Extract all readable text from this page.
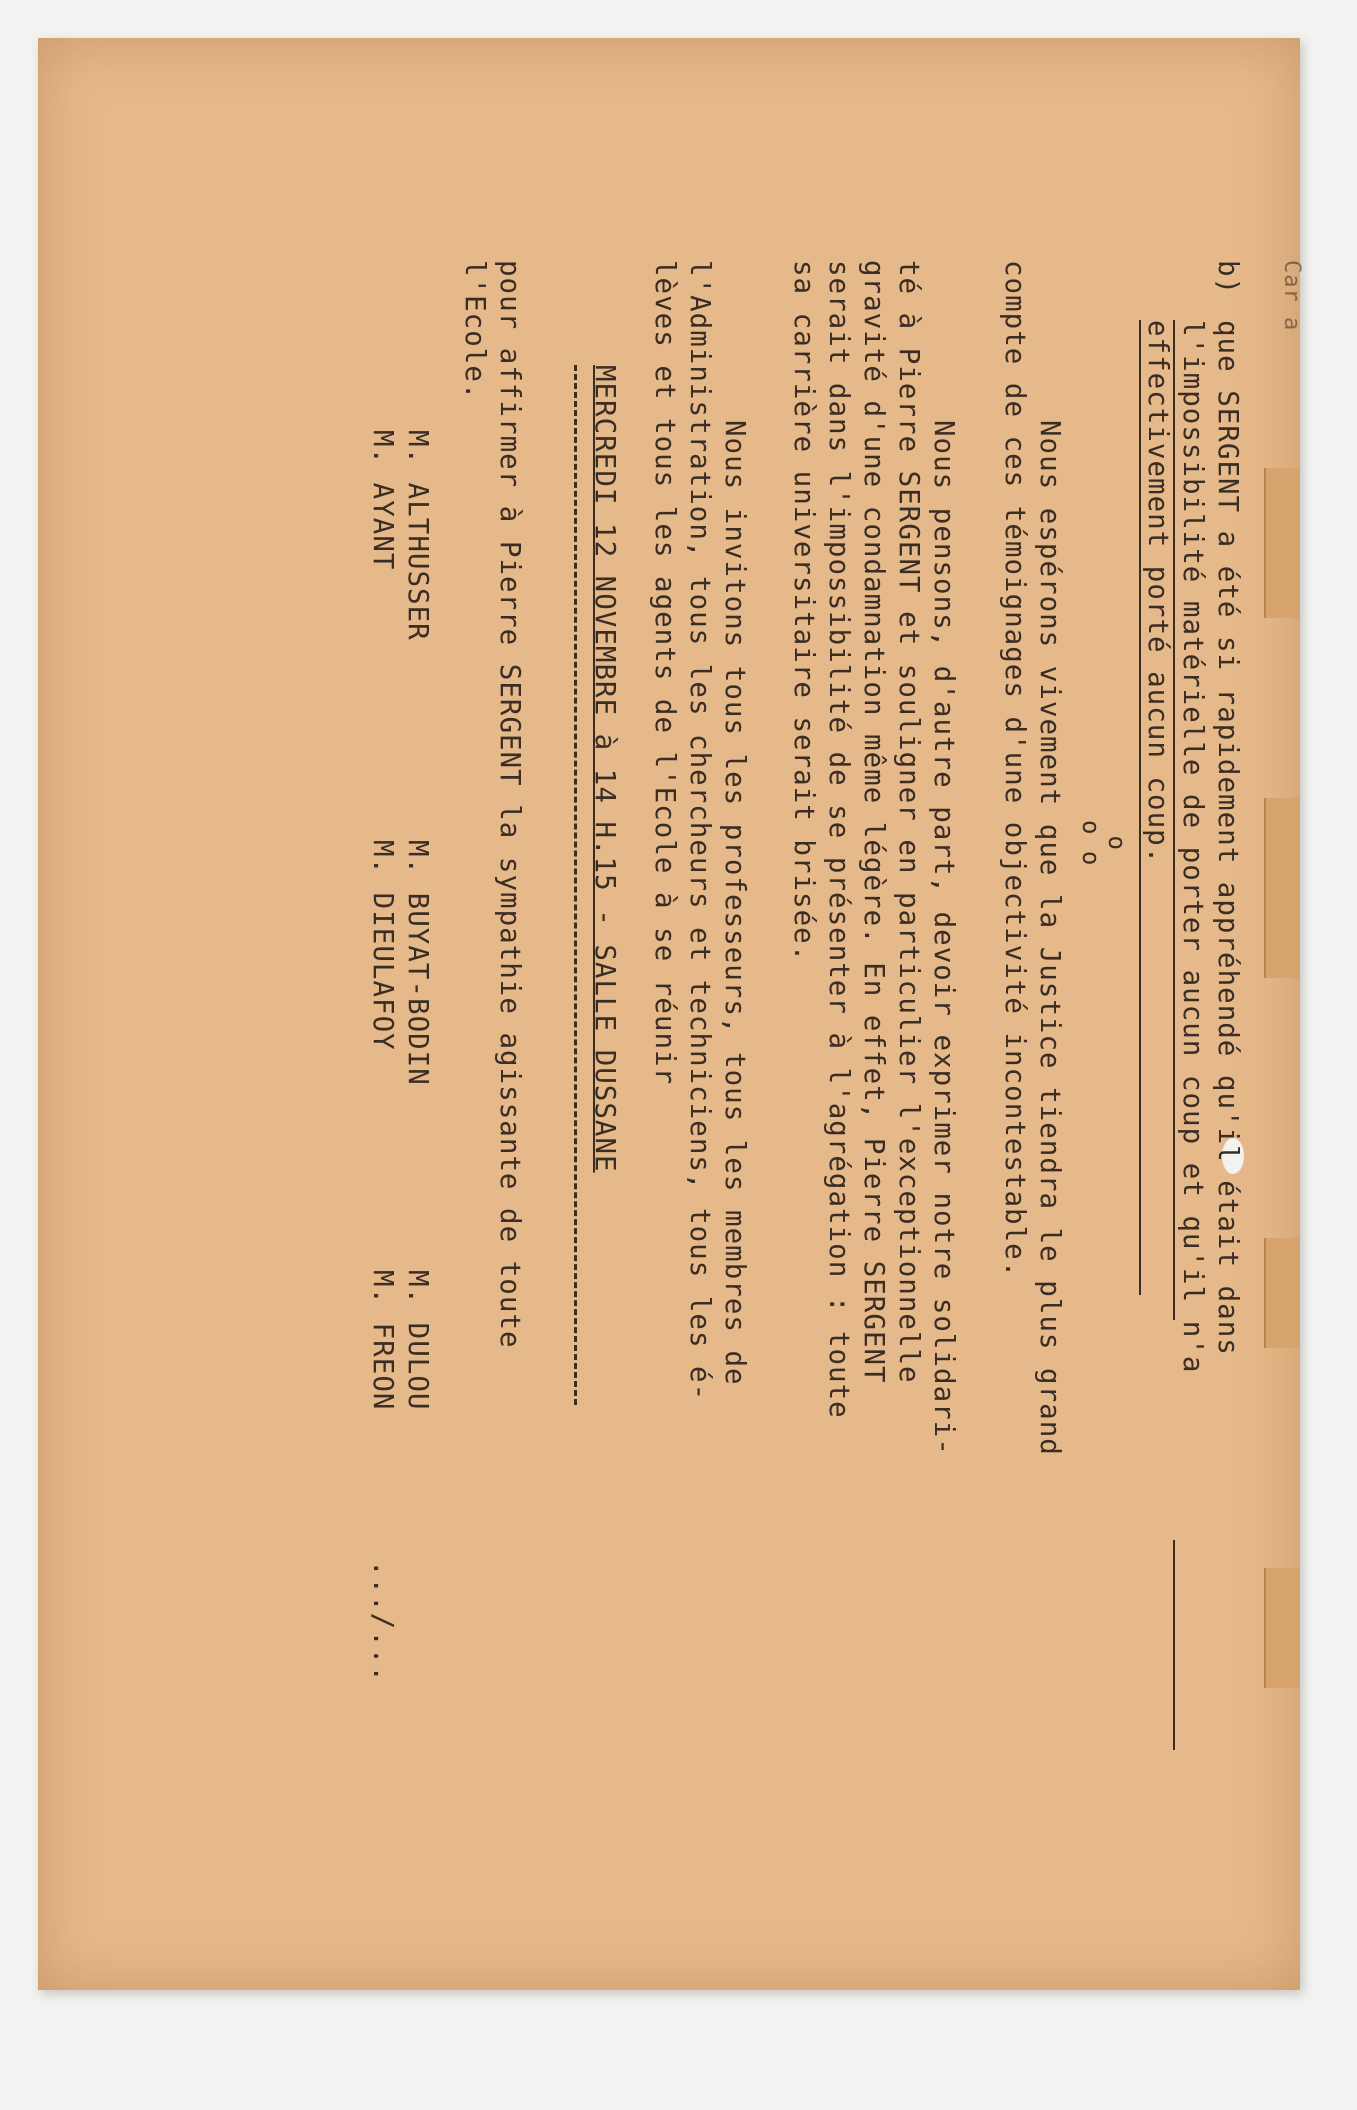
Car a
b)
que SERGENT a été si rapidement appréhendé qu'il était dans
l'impossibilité matérielle de porter aucun coup et qu'il n'a
effectivement porté aucun coup.
o
o o
Nous espérons vivement que la Justice tiendra le plus grand
compte de ces témoignages d'une objectivité incontestable.
Nous pensons, d'autre part, devoir exprimer notre solidari-
té à Pierre SERGENT et souligner en particulier l'exceptionnelle
gravité d'une condamnation même légère. En effet, Pierre SERGENT
serait dans l'impossibilité de se présenter à l'agrégation : toute
sa carrière universitaire serait brisée.
Nous invitons tous les professeurs, tous les membres de
l'Administration, tous les chercheurs et techniciens, tous les é-
lèves et tous les agents de l'Ecole à se réunir
MERCREDI 12 NOVEMBRE à 14 H.15 - SALLE DUSSANE
pour affirmer à Pierre SERGENT la sympathie agissante de toute
l'Ecole.
M. ALTHUSSER
M. BUYAT-BODIN
M. DULOU
M. AYANT
M. DIEULAFOY
M. FREON
.../...
